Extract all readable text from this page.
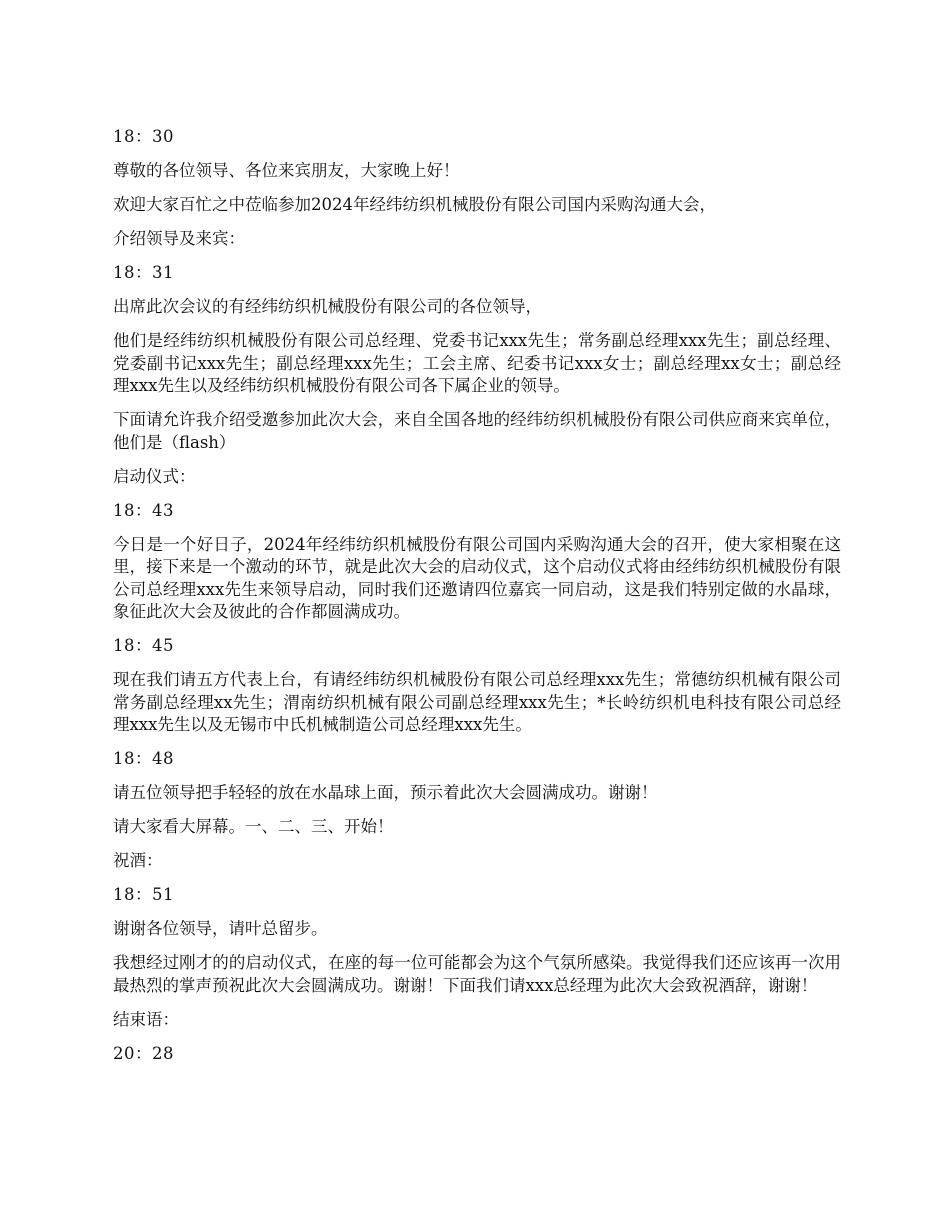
18：30

尊敬的各位领导、各位来宾朋友，大家晚上好！

欢迎大家百忙之中莅临参加2024年经纬纺织机械股份有限公司国内采购沟通大会，

介绍领导及来宾：

18：31

出席此次会议的有经纬纺织机械股份有限公司的各位领导，

他们是经纬纺织机械股份有限公司总经理、党委书记xxx先生；常务副总经理xxx先生；副总经理、党委副书记xxx先生；副总经理xxx先生；工会主席、纪委书记xxx女士；副总经理xx女士；副总经理xxx先生以及经纬纺织机械股份有限公司各下属企业的领导。

下面请允许我介绍受邀参加此次大会，来自全国各地的经纬纺织机械股份有限公司供应商来宾单位，他们是（flash）

启动仪式：

18：43

今日是一个好日子，2024年经纬纺织机械股份有限公司国内采购沟通大会的召开，使大家相聚在这里，接下来是一个激动的环节，就是此次大会的启动仪式，这个启动仪式将由经纬纺织机械股份有限公司总经理xxx先生来领导启动，同时我们还邀请四位嘉宾一同启动，这是我们特别定做的水晶球，象征此次大会及彼此的合作都圆满成功。

18：45

现在我们请五方代表上台，有请经纬纺织机械股份有限公司总经理xxx先生；常德纺织机械有限公司常务副总经理xx先生；渭南纺织机械有限公司副总经理xxx先生；*长岭纺织机电科技有限公司总经理xxx先生以及无锡市中氏机械制造公司总经理xxx先生。

18：48

请五位领导把手轻轻的放在水晶球上面，预示着此次大会圆满成功。谢谢！

请大家看大屏幕。一、二、三、开始！

祝酒：

18：51

谢谢各位领导，请叶总留步。

我想经过刚才的的启动仪式，在座的每一位可能都会为这个气氛所感染。我觉得我们还应该再一次用最热烈的掌声预祝此次大会圆满成功。谢谢！下面我们请xxx总经理为此次大会致祝酒辞，谢谢！

结束语：

20：28
